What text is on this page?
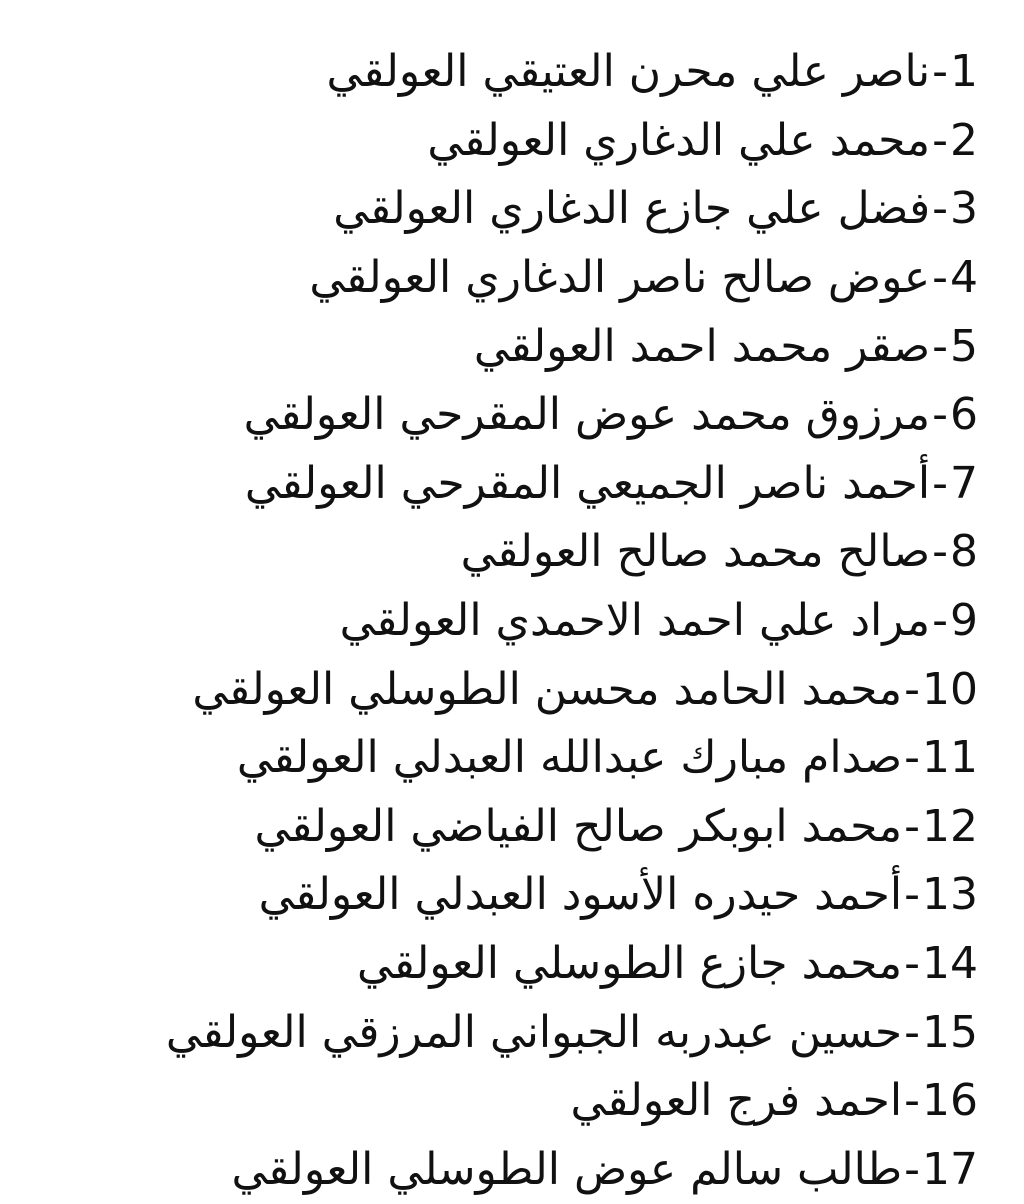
1
-
ناصر علي محرن العتيقي العولقي
2
-
محمد علي الدغاري العولقي
3
-
فضل علي جازع الدغاري العولقي
4
-
عوض صالح ناصر الدغاري العولقي
5
-
صقر محمد احمد العولقي
6
-
مرزوق محمد عوض المقرحي العولقي
7
-
أحمد ناصر الجميعي المقرحي العولقي
8
-
صالح محمد صالح العولقي
9
-
مراد علي احمد الاحمدي العولقي
10
-
محمد الحامد محسن الطوسلي العولقي
11
-
صدام مبارك عبدالله العبدلي العولقي
12
-
محمد ابوبكر صالح الفياضي العولقي
13
-
أحمد حيدره الأسود العبدلي العولقي
14
-
محمد جازع الطوسلي العولقي
15
-
حسين عبدربه الجبواني المرزقي العولقي
16
-
احمد فرج العولقي
17
-
طالب سالم عوض الطوسلي العولقي
